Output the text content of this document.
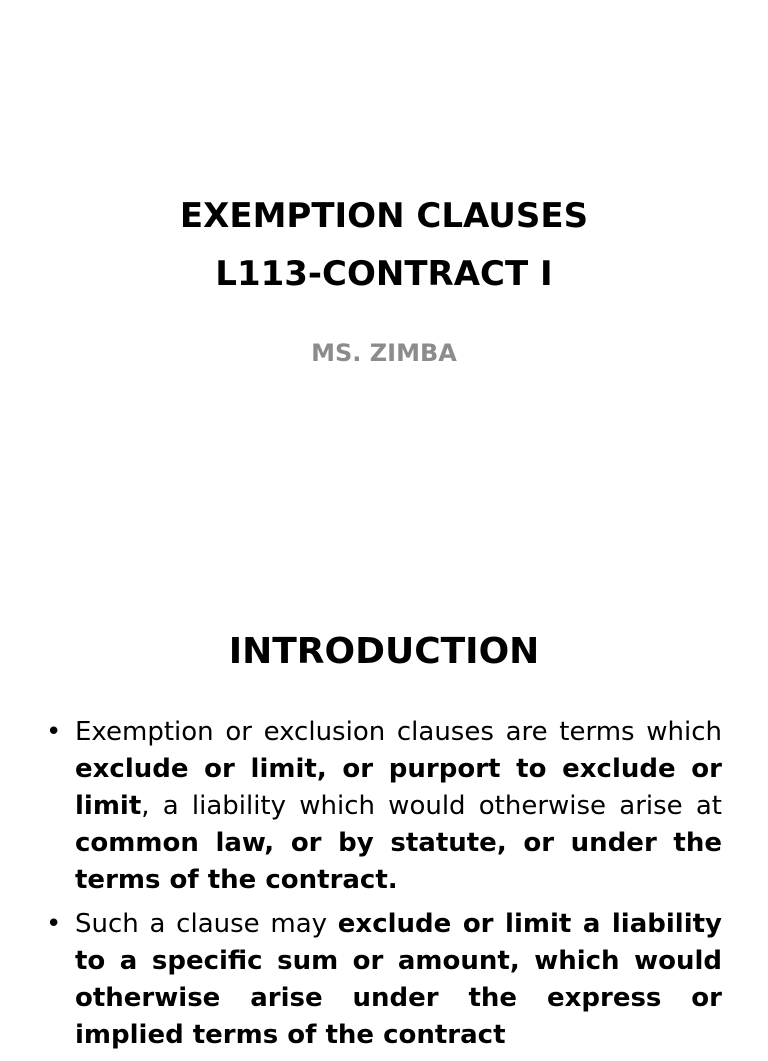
EXEMPTION CLAUSES
L113-CONTRACT I
MS. ZIMBA
INTRODUCTION
• Exemption or exclusion clauses are terms which exclude or limit, or purport to exclude or limit, a liability which would otherwise arise at common law, or by statute, or under the terms of the contract.
• Such a clause may exclude or limit a liability to a specific sum or amount, which would otherwise arise under the express or implied terms of the contract
